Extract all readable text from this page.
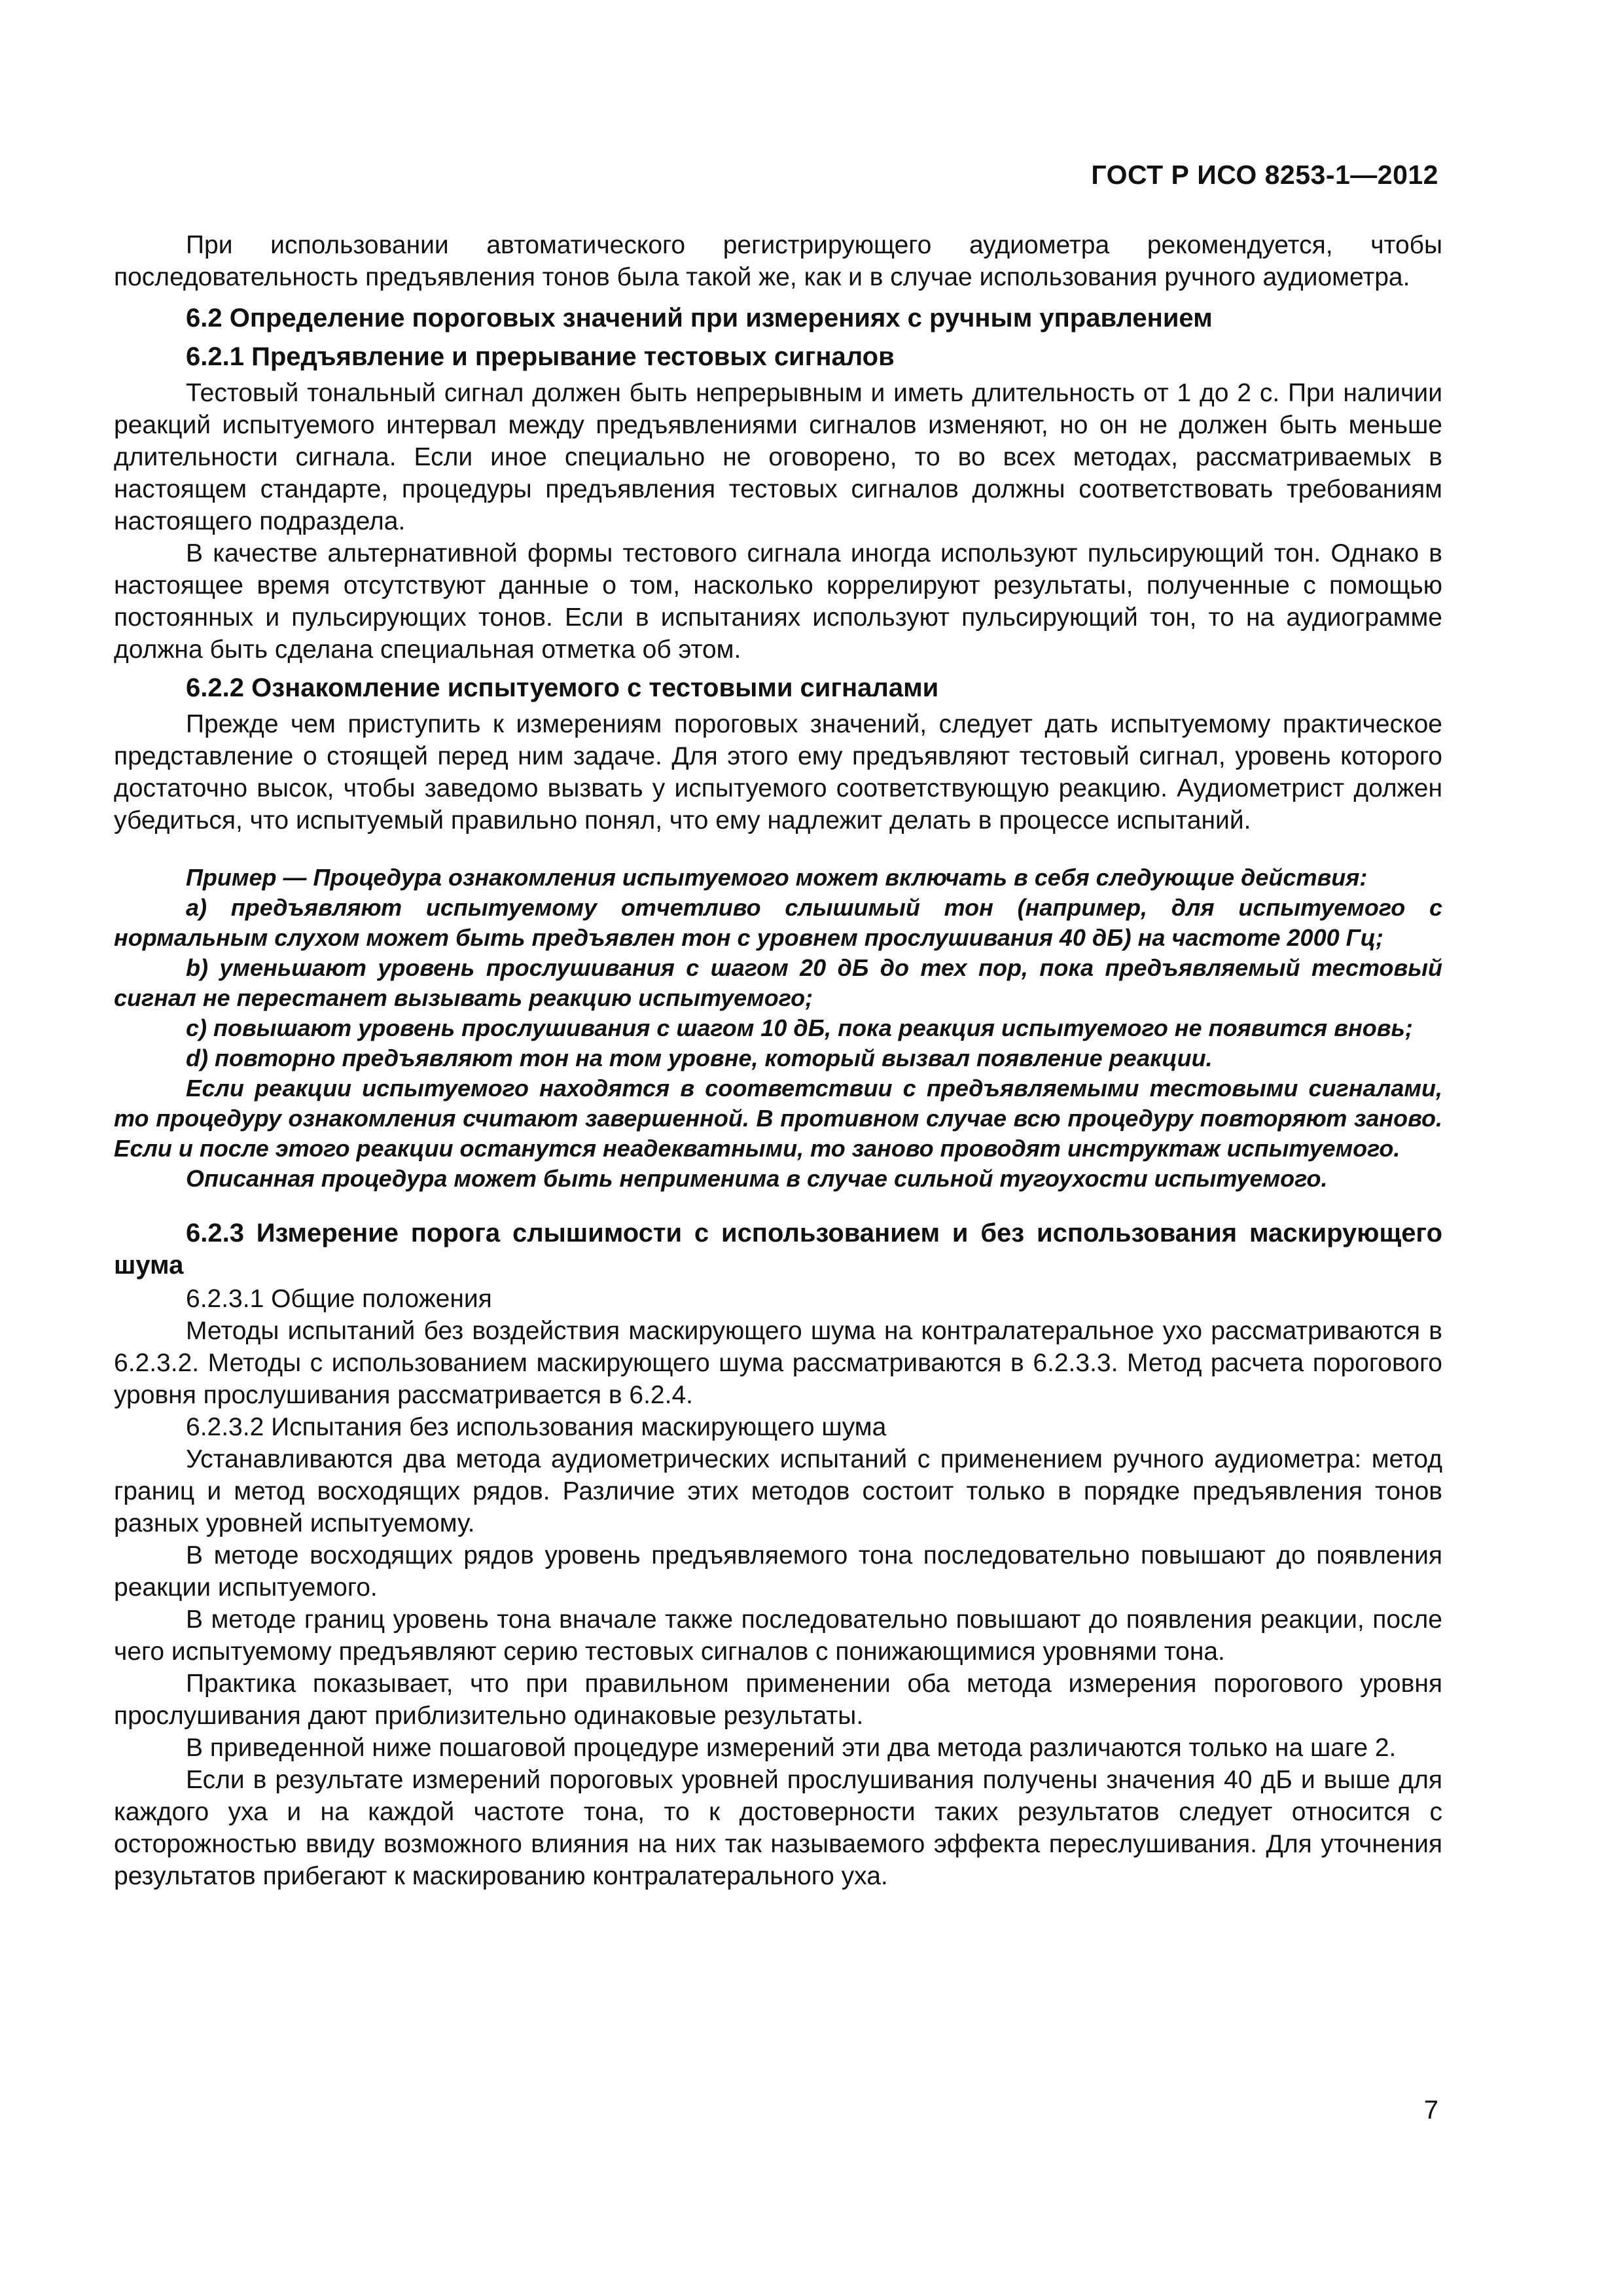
ГОСТ Р ИСО 8253-1—2012

При использовании автоматического регистрирующего аудиометра рекомендуется, чтобы последовательность предъявления тонов была такой же, как и в случае использования ручного аудиометра.

6.2 Определение пороговых значений при измерениях с ручным управлением

6.2.1 Предъявление и прерывание тестовых сигналов

Тестовый тональный сигнал должен быть непрерывным и иметь длительность от 1 до 2 с. При наличии реакций испытуемого интервал между предъявлениями сигналов изменяют, но он не должен быть меньше длительности сигнала. Если иное специально не оговорено, то во всех методах, рассматриваемых в настоящем стандарте, процедуры предъявления тестовых сигналов должны соответствовать требованиям настоящего подраздела.

В качестве альтернативной формы тестового сигнала иногда используют пульсирующий тон. Однако в настоящее время отсутствуют данные о том, насколько коррелируют результаты, полученные с помощью постоянных и пульсирующих тонов. Если в испытаниях используют пульсирующий тон, то на аудиограмме должна быть сделана специальная отметка об этом.

6.2.2 Ознакомление испытуемого с тестовыми сигналами

Прежде чем приступить к измерениям пороговых значений, следует дать испытуемому практическое представление о стоящей перед ним задаче. Для этого ему предъявляют тестовый сигнал, уровень которого достаточно высок, чтобы заведомо вызвать у испытуемого соответствующую реакцию. Аудиометрист должен убедиться, что испытуемый правильно понял, что ему надлежит делать в процессе испытаний.

Пример — Процедура ознакомления испытуемого может включать в себя следующие действия:

a) предъявляют испытуемому отчетливо слышимый тон (например, для испытуемого с нормальным слухом может быть предъявлен тон с уровнем прослушивания 40 дБ) на частоте 2000 Гц;

b) уменьшают уровень прослушивания с шагом 20 дБ до тех пор, пока предъявляемый тестовый сигнал не перестанет вызывать реакцию испытуемого;

c) повышают уровень прослушивания с шагом 10 дБ, пока реакция испытуемого не появится вновь;

d) повторно предъявляют тон на том уровне, который вызвал появление реакции.

Если реакции испытуемого находятся в соответствии с предъявляемыми тестовыми сигналами, то процедуру ознакомления считают завершенной. В противном случае всю процедуру повторяют заново. Если и после этого реакции останутся неадекватными, то заново проводят инструктаж испытуемого.

Описанная процедура может быть неприменима в случае сильной тугоухости испытуемого.

6.2.3 Измерение порога слышимости с использованием и без использования маскирующего шума

6.2.3.1 Общие положения

Методы испытаний без воздействия маскирующего шума на контралатеральное ухо рассматриваются в 6.2.3.2. Методы с использованием маскирующего шума рассматриваются в 6.2.3.3. Метод расчета порогового уровня прослушивания рассматривается в 6.2.4.

6.2.3.2 Испытания без использования маскирующего шума

Устанавливаются два метода аудиометрических испытаний с применением ручного аудиометра: метод границ и метод восходящих рядов. Различие этих методов состоит только в порядке предъявления тонов разных уровней испытуемому.

В методе восходящих рядов уровень предъявляемого тона последовательно повышают до появления реакции испытуемого.

В методе границ уровень тона вначале также последовательно повышают до появления реакции, после чего испытуемому предъявляют серию тестовых сигналов с понижающимися уровнями тона.

Практика показывает, что при правильном применении оба метода измерения порогового уровня прослушивания дают приблизительно одинаковые результаты.

В приведенной ниже пошаговой процедуре измерений эти два метода различаются только на шаге 2.

Если в результате измерений пороговых уровней прослушивания получены значения 40 дБ и выше для каждого уха и на каждой частоте тона, то к достоверности таких результатов следует относится с осторожностью ввиду возможного влияния на них так называемого эффекта переслушивания. Для уточнения результатов прибегают к маскированию контралатерального уха.

7
